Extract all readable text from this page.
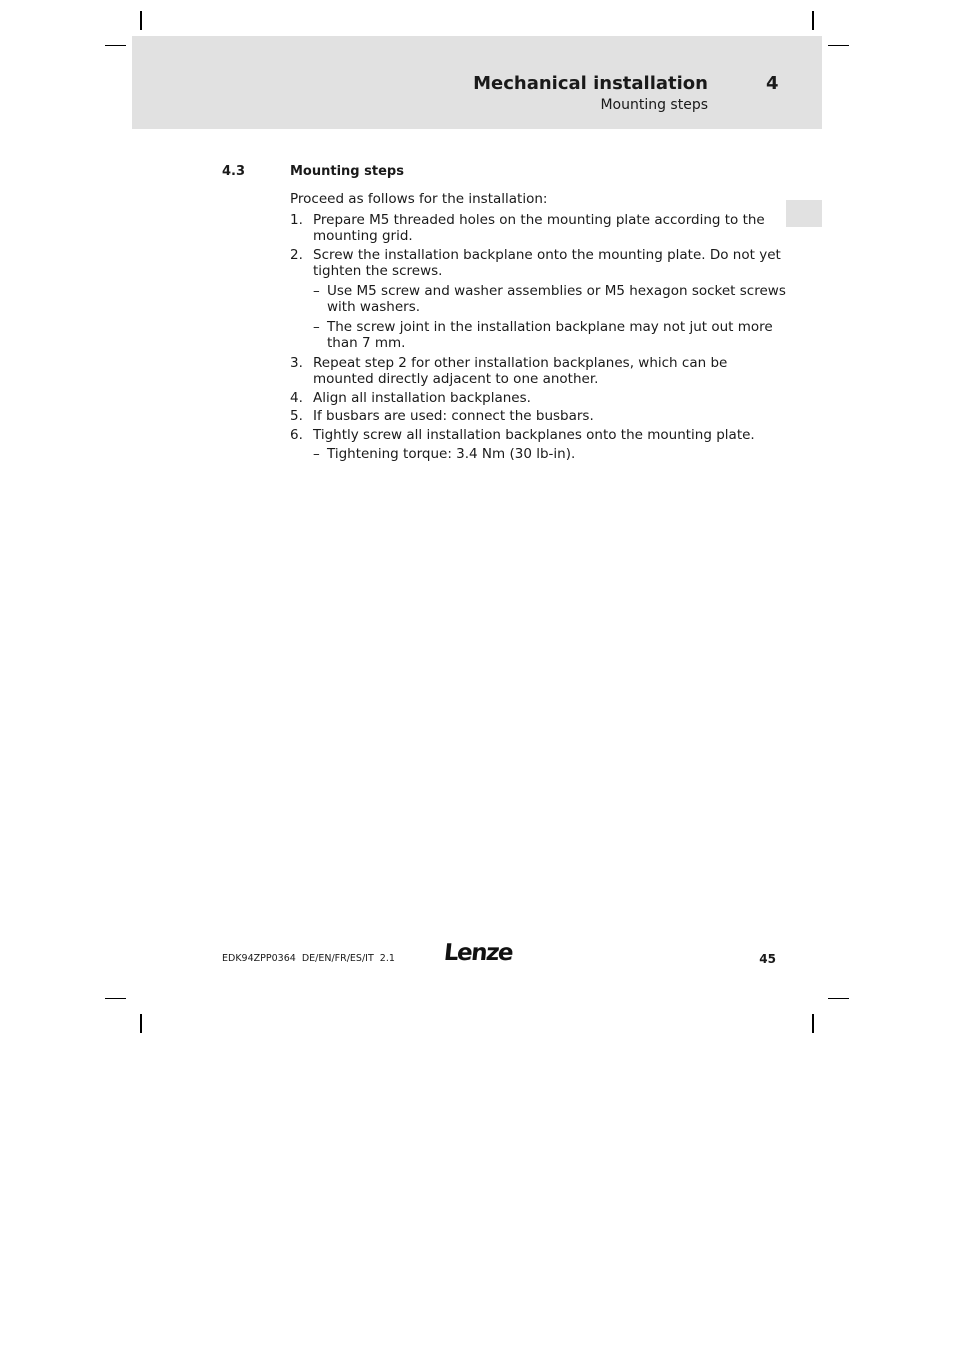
Mechanical installation	4
Mounting steps
4.3	Mounting steps

Proceed as follows for the installation:

1. Prepare M5 threaded holes on the mounting plate according to the mounting grid.
2. Screw the installation backplane onto the mounting plate. Do not yet tighten the screws.
– Use M5 screw and washer assemblies or M5 hexagon socket screws with washers.
– The screw joint in the installation backplane may not jut out more than 7 mm.
3. Repeat step 2 for other installation backplanes, which can be mounted directly adjacent to one another.
4. Align all installation backplanes.
5. If busbars are used: connect the busbars.
6. Tightly screw all installation backplanes onto the mounting plate.
– Tightening torque: 3.4 Nm (30 lb-in).
EDK94ZPP0364  DE/EN/FR/ES/IT  2.1 Lenze	45
